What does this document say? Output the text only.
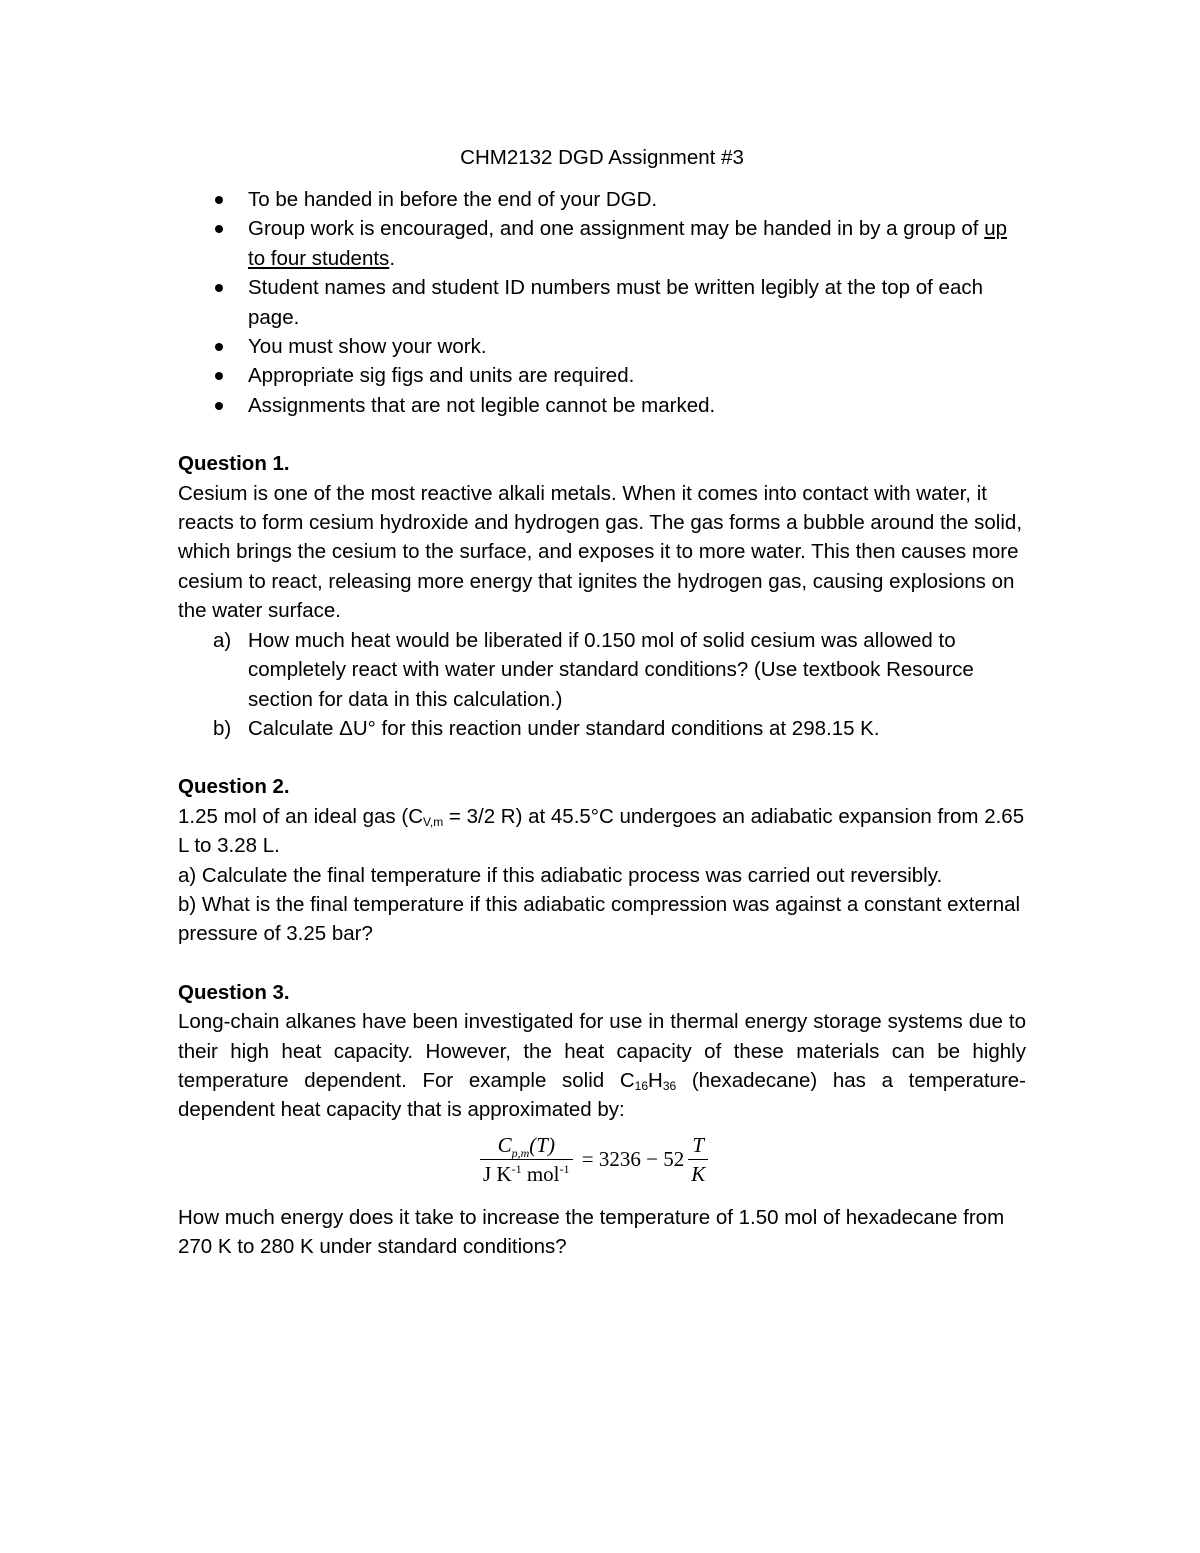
CHM2132 DGD Assignment #3
To be handed in before the end of your DGD.
Group work is encouraged, and one assignment may be handed in by a group of up to four students.
Student names and student ID numbers must be written legibly at the top of each page.
You must show your work.
Appropriate sig figs and units are required.
Assignments that are not legible cannot be marked.
Question 1.

Cesium is one of the most reactive alkali metals. When it comes into contact with water, it reacts to form cesium hydroxide and hydrogen gas. The gas forms a bubble around the solid, which brings the cesium to the surface, and exposes it to more water. This then causes more cesium to react, releasing more energy that ignites the hydrogen gas, causing explosions on the water surface.

a) How much heat would be liberated if 0.150 mol of solid cesium was allowed to completely react with water under standard conditions? (Use textbook Resource section for data in this calculation.)
b) Calculate ΔU° for this reaction under standard conditions at 298.15 K.
Question 2.

1.25 mol of an ideal gas ($C_{V,m} = 3/2$ R) at 45.5°C undergoes an adiabatic expansion from 2.65 L to 3.28 L.

a) Calculate the final temperature if this adiabatic process was carried out reversibly.

b) What is the final temperature if this adiabatic compression was against a constant external pressure of 3.25 bar?

Question 3.

Long-chain alkanes have been investigated for use in thermal energy storage systems due to their high heat capacity. However, the heat capacity of these materials can be highly temperature dependent. For example solid $C_{16}H_{36}$ (hexadecane) has a temperature-dependent heat capacity that is approximated by:

$\frac{C_{p,m}(T)}{J K^{-1} mol^{-1}} = 3236 - 52 \frac{T}{K}$

How much energy does it take to increase the temperature of 1.50 mol of hexadecane from 270 K to 280 K under standard conditions?
